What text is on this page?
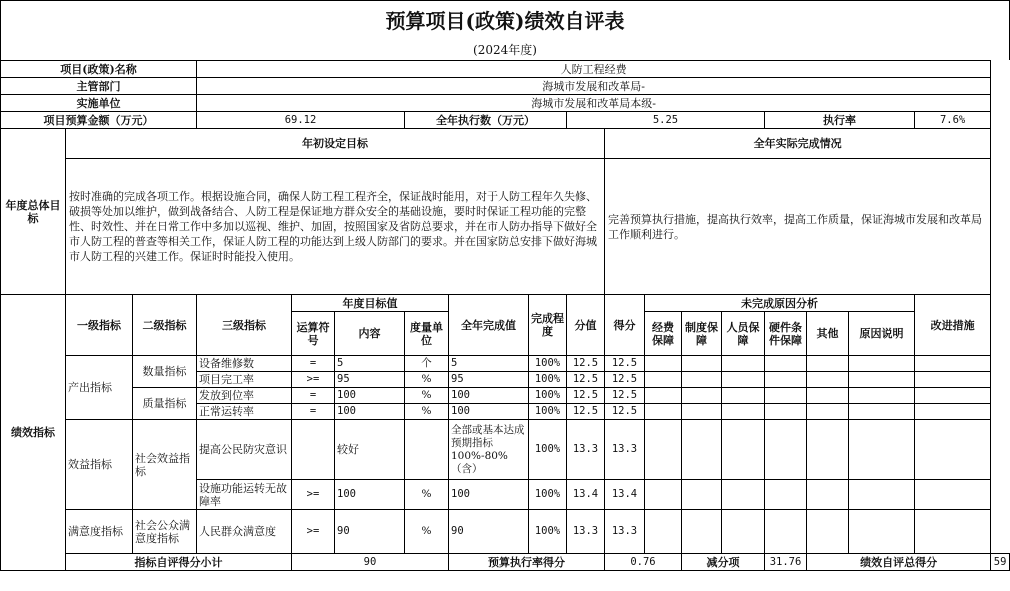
预算项目(政策)绩效自评表
(2024年度)
项目(政策)名称			人防工程经费															
主管部门			海城市发展和改革局-															
实施单位			海城市发展和改革局本级-															
项目预算金额（万元）			69.12			全年执行数（万元）			5.25					执行率			7.6%	
年度总体目标	年初设定目标									全年实际完成情况								
	按时准确的完成各项工作。根据设施合同，确保人防工程工程齐全，保证战时能用，对于人防工程年久失修、破损等处加以维护，做到战备结合、人防工程是保证地方群众安全的基础设施，要时时保证工程功能的完整性、时效性、并在日常工作中多加以巡视、维护、加固，按照国家及省防总要求，并在市人防办指导下做好全市人防工程的普查等相关工作，保证人防工程的功能达到上级人防部门的要求。并在国家防总安排下做好海城市人防工程的兴建工作。保证时时能投入使用。									完善预算执行措施，提高执行效率，提高工作质量，保证海城市发展和改革局工作顺利进行。								
绩效指标	一级指标	二级指标	三级指标	年度目标值			全年完成值	完成程度	分值	得分	未完成原因分析						改进措施	
				运算符号	内容	度量单位					经费保障	制度保障	人员保障	硬件条件保障	其他	原因说明		
	产出指标	数量指标	设备维修数	=	5	个	5	100%	12.5	12.5								
			项目完工率	>=	95	%	95	100%	12.5	12.5								
		质量指标	发放到位率	=	100	%	100	100%	12.5	12.5								
			正常运转率	=	100	%	100	100%	12.5	12.5								
	效益指标	社会效益指标	提高公民防灾意识		较好		全部或基本达成预期指标100%-80%（含）	100%	13.3	13.3								
			设施功能运转无故障率	>=	100	%	100	100%	13.4	13.4								
	满意度指标	社会公众满意度指标	人民群众满意度	>=	90	%	90	100%	13.3	13.3								
	指标自评得分小计			90			预算执行率得分			0.76		减分项		31.76	绩效自评总得分			59
